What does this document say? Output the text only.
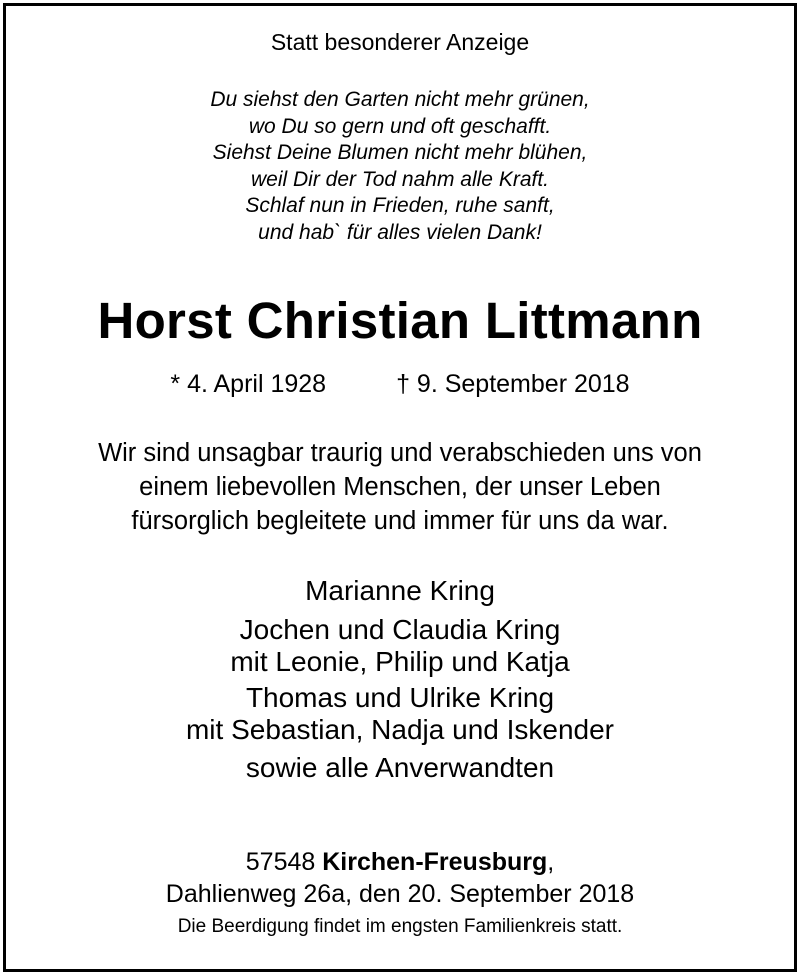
Statt besonderer Anzeige
Du siehst den Garten nicht mehr grünen,
wo Du so gern und oft geschafft.
Siehst Deine Blumen nicht mehr blühen,
weil Dir der Tod nahm alle Kraft.
Schlaf nun in Frieden, ruhe sanft,
und hab` für alles vielen Dank!
Horst Christian Littmann
* 4. April 1928	† 9. September 2018
Wir sind unsagbar traurig und verabschieden uns von
einem liebevollen Menschen, der unser Leben
fürsorglich begleitete und immer für uns da war.
Marianne Kring
Jochen und Claudia Kring
mit Leonie, Philip und Katja
Thomas und Ulrike Kring
mit Sebastian, Nadja und Iskender
sowie alle Anverwandten
57548 Kirchen-Freusburg,
Dahlienweg 26a, den 20. September 2018
Die Beerdigung findet im engsten Familienkreis statt.
